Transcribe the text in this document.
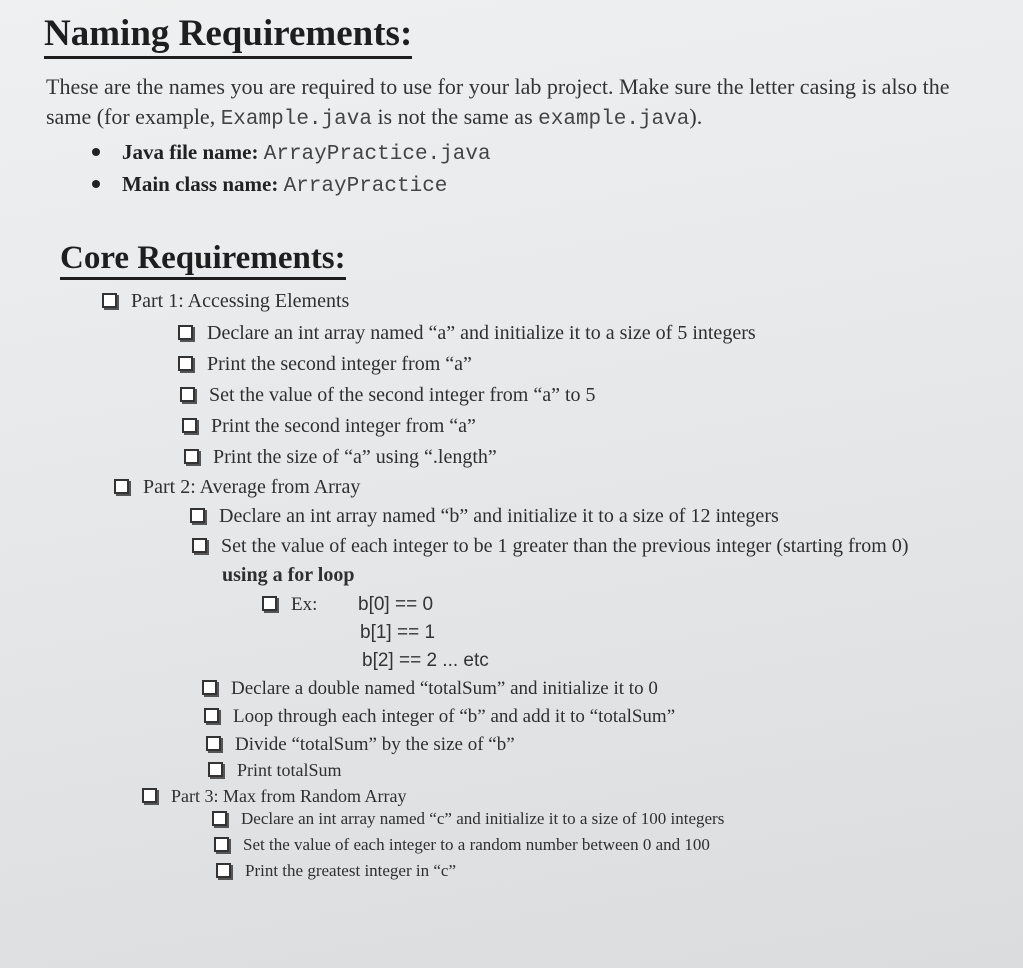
Naming Requirements:
These are the names you are required to use for your lab project. Make sure the letter casing is also the same (for example, Example.java is not the same as example.java).
Java file name: ArrayPractice.java
Main class name: ArrayPractice
Core Requirements:
Part 1: Accessing Elements
Declare an int array named “a” and initialize it to a size of 5 integers
Print the second integer from “a”
Set the value of the second integer from “a” to 5
Print the second integer from “a”
Print the size of “a” using “.length”
Part 2: Average from Array
Declare an int array named “b” and initialize it to a size of 12 integers
Set the value of each integer to be 1 greater than the previous integer (starting from 0)
using a for loop
Ex: b[0] == 0
b[1] == 1
b[2] == 2 ... etc
Declare a double named “totalSum” and initialize it to 0
Loop through each integer of “b” and add it to “totalSum”
Divide “totalSum” by the size of “b”
Print totalSum
Part 3: Max from Random Array
Declare an int array named “c” and initialize it to a size of 100 integers
Set the value of each integer to a random number between 0 and 100
Print the greatest integer in “c”
